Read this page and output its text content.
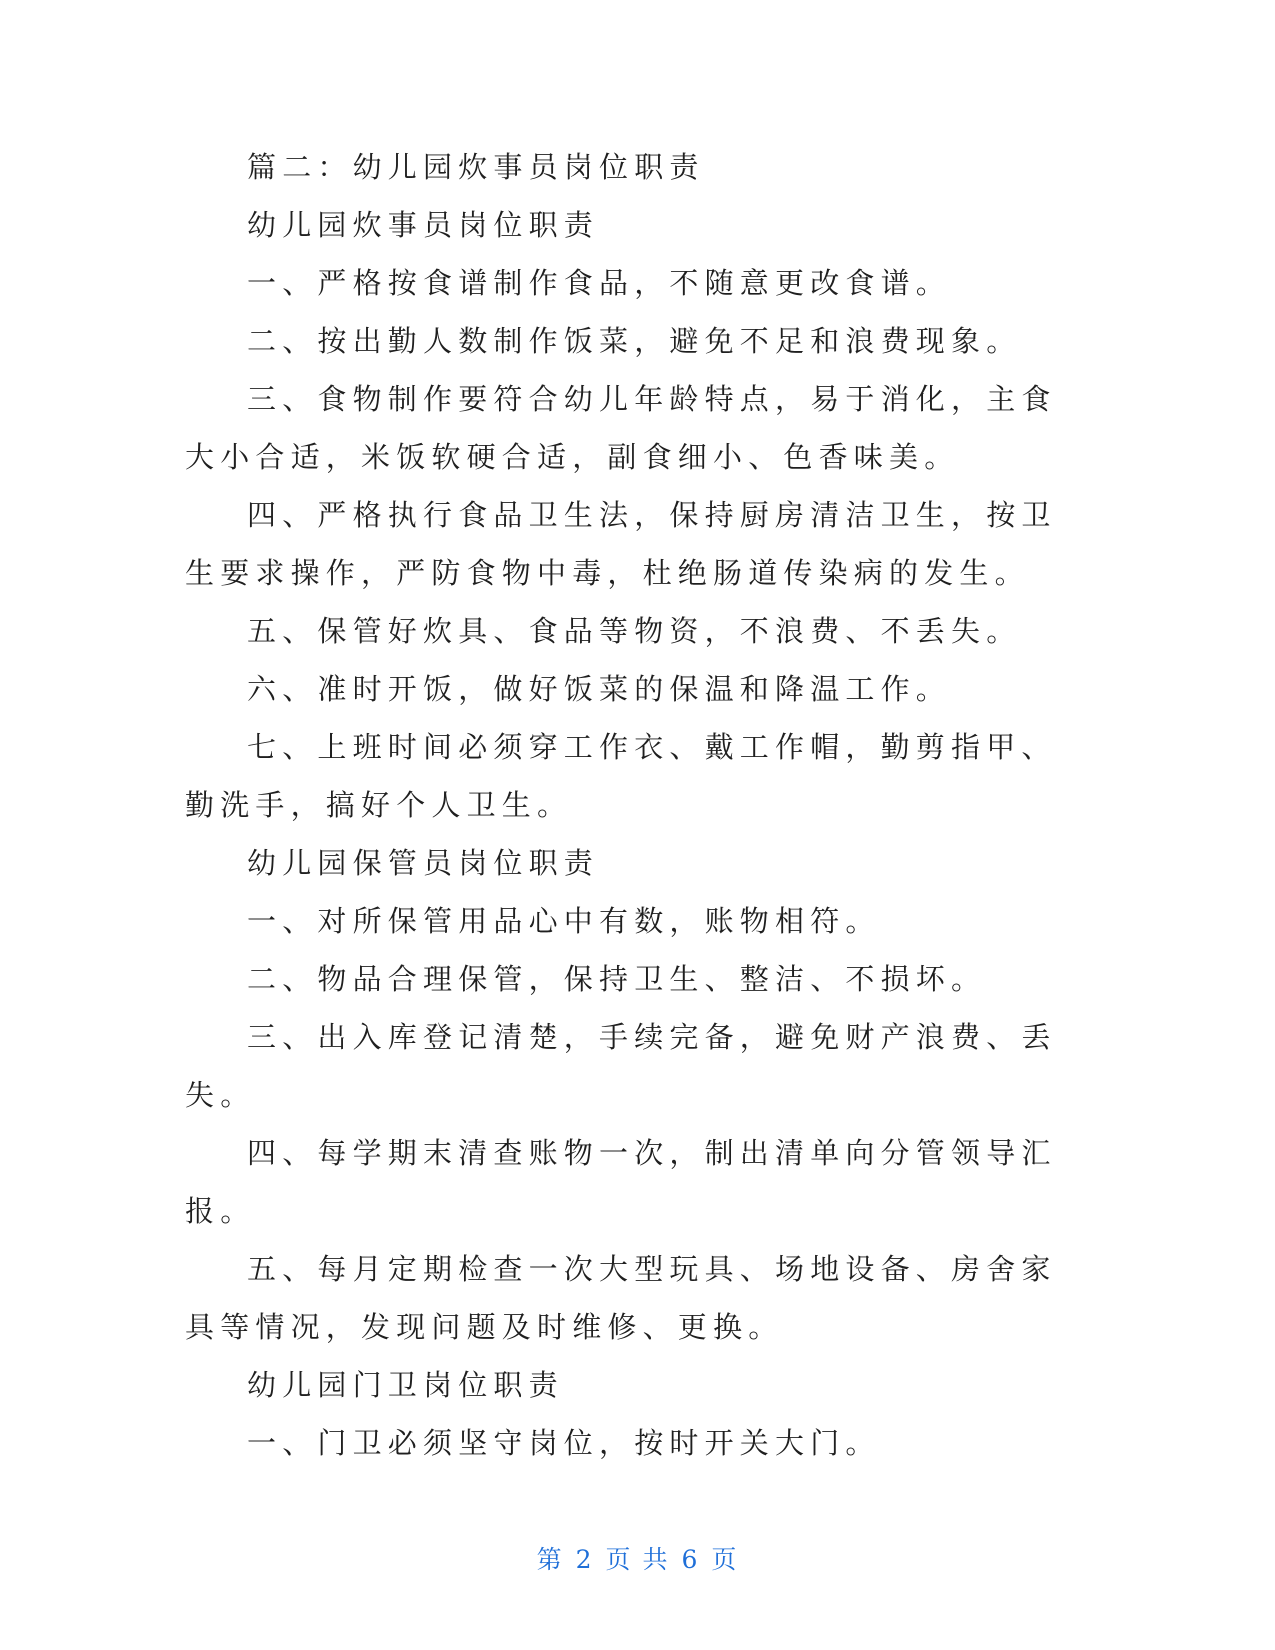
篇二：幼儿园炊事员岗位职责

幼儿园炊事员岗位职责

一、严格按食谱制作食品，不随意更改食谱。

二、按出勤人数制作饭菜，避免不足和浪费现象。

三、食物制作要符合幼儿年龄特点，易于消化，主食大小合适，米饭软硬合适，副食细小、色香味美。

四、严格执行食品卫生法，保持厨房清洁卫生，按卫生要求操作，严防食物中毒，杜绝肠道传染病的发生。

五、保管好炊具、食品等物资，不浪费、不丢失。

六、准时开饭，做好饭菜的保温和降温工作。

七、上班时间必须穿工作衣、戴工作帽，勤剪指甲、勤洗手，搞好个人卫生。

幼儿园保管员岗位职责

一、对所保管用品心中有数，账物相符。

二、物品合理保管，保持卫生、整洁、不损坏。

三、出入库登记清楚，手续完备，避免财产浪费、丢失。

四、每学期末清查账物一次，制出清单向分管领导汇报。

五、每月定期检查一次大型玩具、场地设备、房舍家具等情况，发现问题及时维修、更换。

幼儿园门卫岗位职责

一、门卫必须坚守岗位，按时开关大门。

第 2 页 共 6 页
